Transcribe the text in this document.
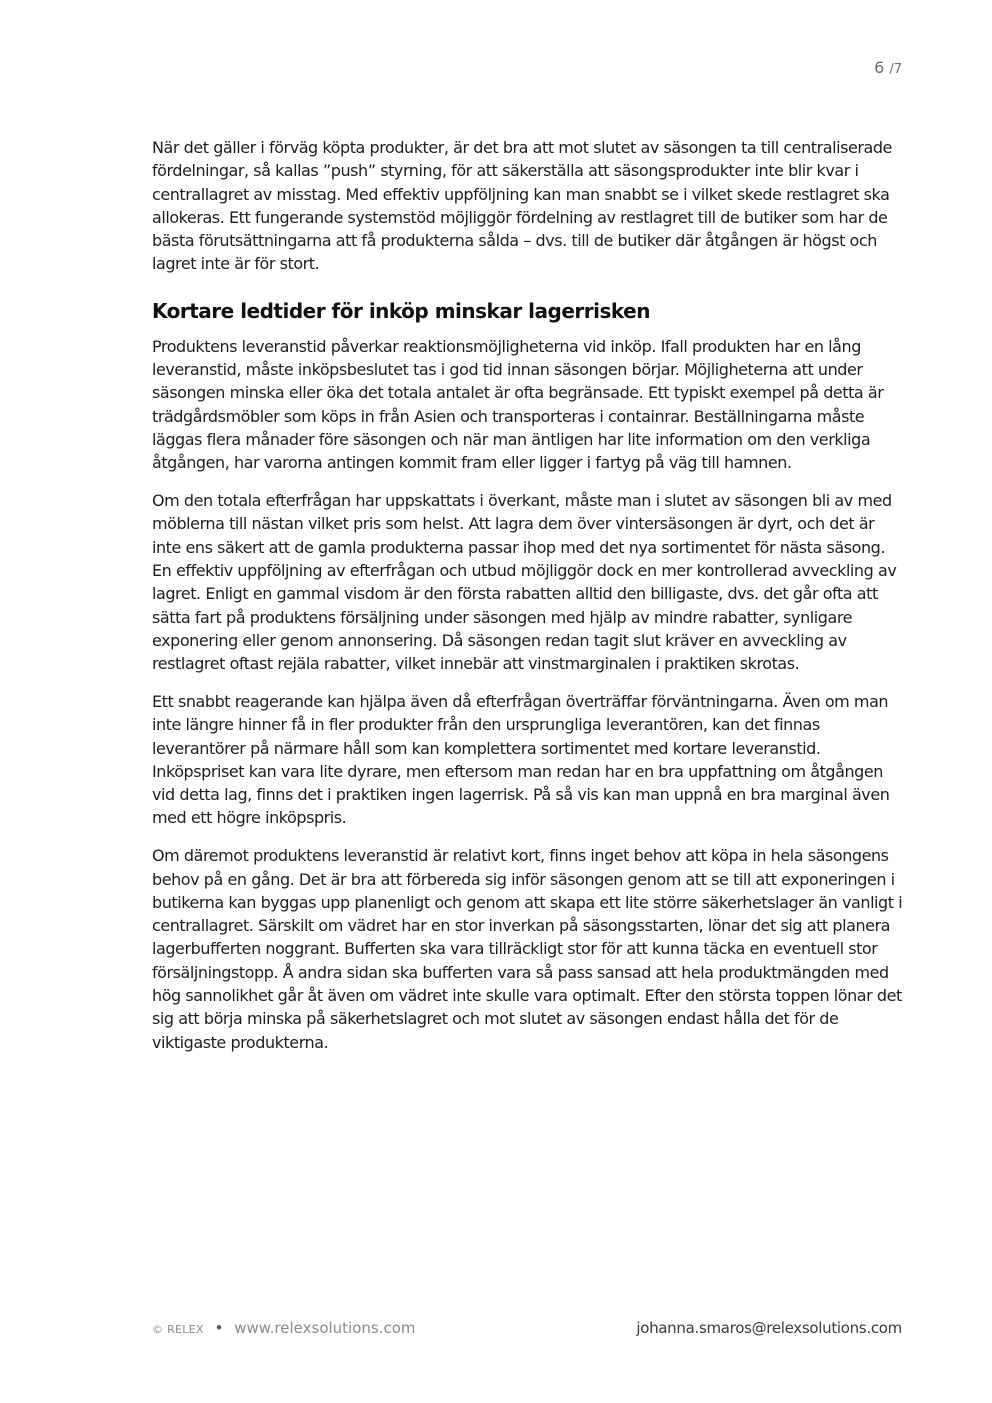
6 /7

När det gäller i förväg köpta produkter, är det bra att mot slutet av säsongen ta till centraliserade fördelningar, så kallas ”push” styrning, för att säkerställa att säsongsprodukter inte blir kvar i centrallagret av misstag. Med effektiv uppföljning kan man snabbt se i vilket skede restlagret ska allokeras. Ett fungerande systemstöd möjliggör fördelning av restlagret till de butiker som har de bästa förutsättningarna att få produkterna sålda – dvs. till de butiker där åtgången är högst och lagret inte är för stort.

Kortare ledtider för inköp minskar lagerrisken

Produktens leveranstid påverkar reaktionsmöjligheterna vid inköp. Ifall produkten har en lång leveranstid, måste inköpsbeslutet tas i god tid innan säsongen börjar. Möjligheterna att under säsongen minska eller öka det totala antalet är ofta begränsade. Ett typiskt exempel på detta är trädgårdsmöbler som köps in från Asien och transporteras i containrar. Beställningarna måste läggas flera månader före säsongen och när man äntligen har lite information om den verkliga åtgången, har varorna antingen kommit fram eller ligger i fartyg på väg till hamnen.

Om den totala efterfrågan har uppskattats i överkant, måste man i slutet av säsongen bli av med möblerna till nästan vilket pris som helst. Att lagra dem över vintersäsongen är dyrt, och det är inte ens säkert att de gamla produkterna passar ihop med det nya sortimentet för nästa säsong. En effektiv uppföljning av efterfrågan och utbud möjliggör dock en mer kontrollerad avveckling av lagret. Enligt en gammal visdom är den första rabatten alltid den billigaste, dvs. det går ofta att sätta fart på produktens försäljning under säsongen med hjälp av mindre rabatter, synligare exponering eller genom annonsering. Då säsongen redan tagit slut kräver en avveckling av restlagret oftast rejäla rabatter, vilket innebär att vinstmarginalen i praktiken skrotas.

Ett snabbt reagerande kan hjälpa även då efterfrågan överträffar förväntningarna. Även om man inte längre hinner få in fler produkter från den ursprungliga leverantören, kan det finnas leverantörer på närmare håll som kan komplettera sortimentet med kortare leveranstid. Inköpspriset kan vara lite dyrare, men eftersom man redan har en bra uppfattning om åtgången vid detta lag, finns det i praktiken ingen lagerrisk. På så vis kan man uppnå en bra marginal även med ett högre inköpspris.

Om däremot produktens leveranstid är relativt kort, finns inget behov att köpa in hela säsongens behov på en gång. Det är bra att förbereda sig inför säsongen genom att se till att exponeringen i butikerna kan byggas upp planenligt och genom att skapa ett lite större säkerhetslager än vanligt i centrallagret. Särskilt om vädret har en stor inverkan på säsongsstarten, lönar det sig att planera lagerbufferten noggrant. Bufferten ska vara tillräckligt stor för att kunna täcka en eventuell stor försäljningstopp. Å andra sidan ska bufferten vara så pass sansad att hela produktmängden med hög sannolikhet går åt även om vädret inte skulle vara optimalt. Efter den största toppen lönar det sig att börja minska på säkerhetslagret och mot slutet av säsongen endast hålla det för de viktigaste produkterna.

© RELEX • www.relexsolutions.com	johanna.smaros@relexsolutions.com
